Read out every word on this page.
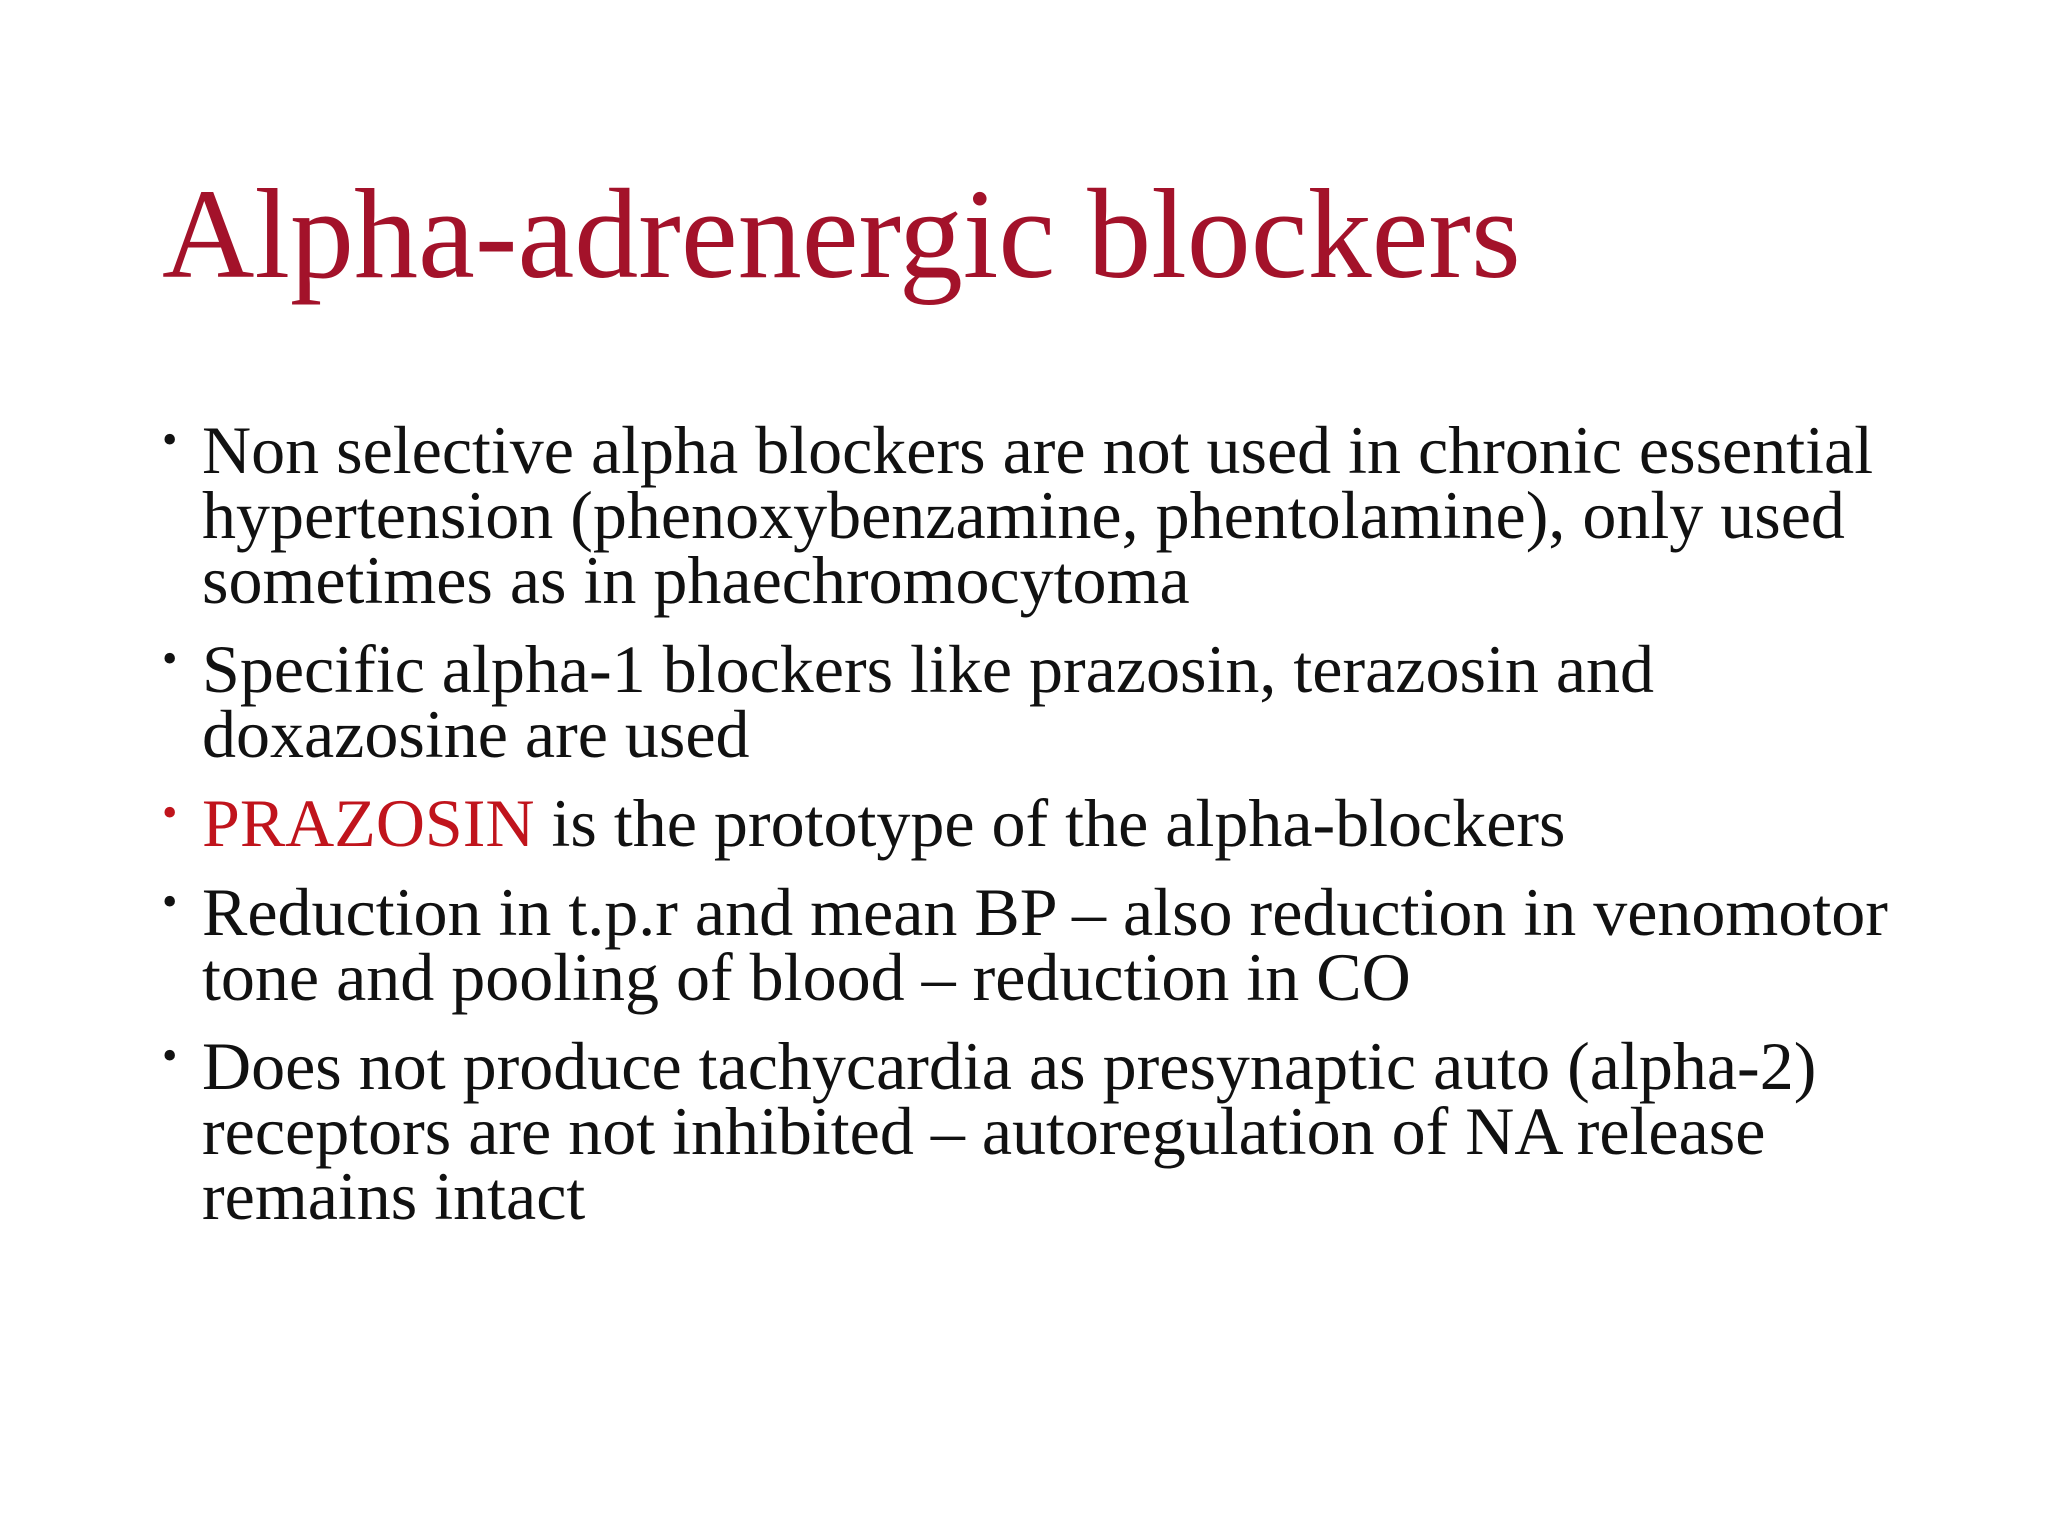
Alpha-adrenergic blockers
• Non selective alpha blockers are not used in chronic essential hypertension (phenoxybenzamine, phentolamine), only used sometimes as in phaechromocytoma
• Specific alpha-1 blockers like prazosin, terazosin and doxazosine are used
• PRAZOSIN is the prototype of the alpha-blockers
• Reduction in t.p.r and mean BP – also reduction in venomotor tone and pooling of blood – reduction in CO
• Does not produce tachycardia as presynaptic auto (alpha-2) receptors are not inhibited – autoregulation of NA release remains intact
